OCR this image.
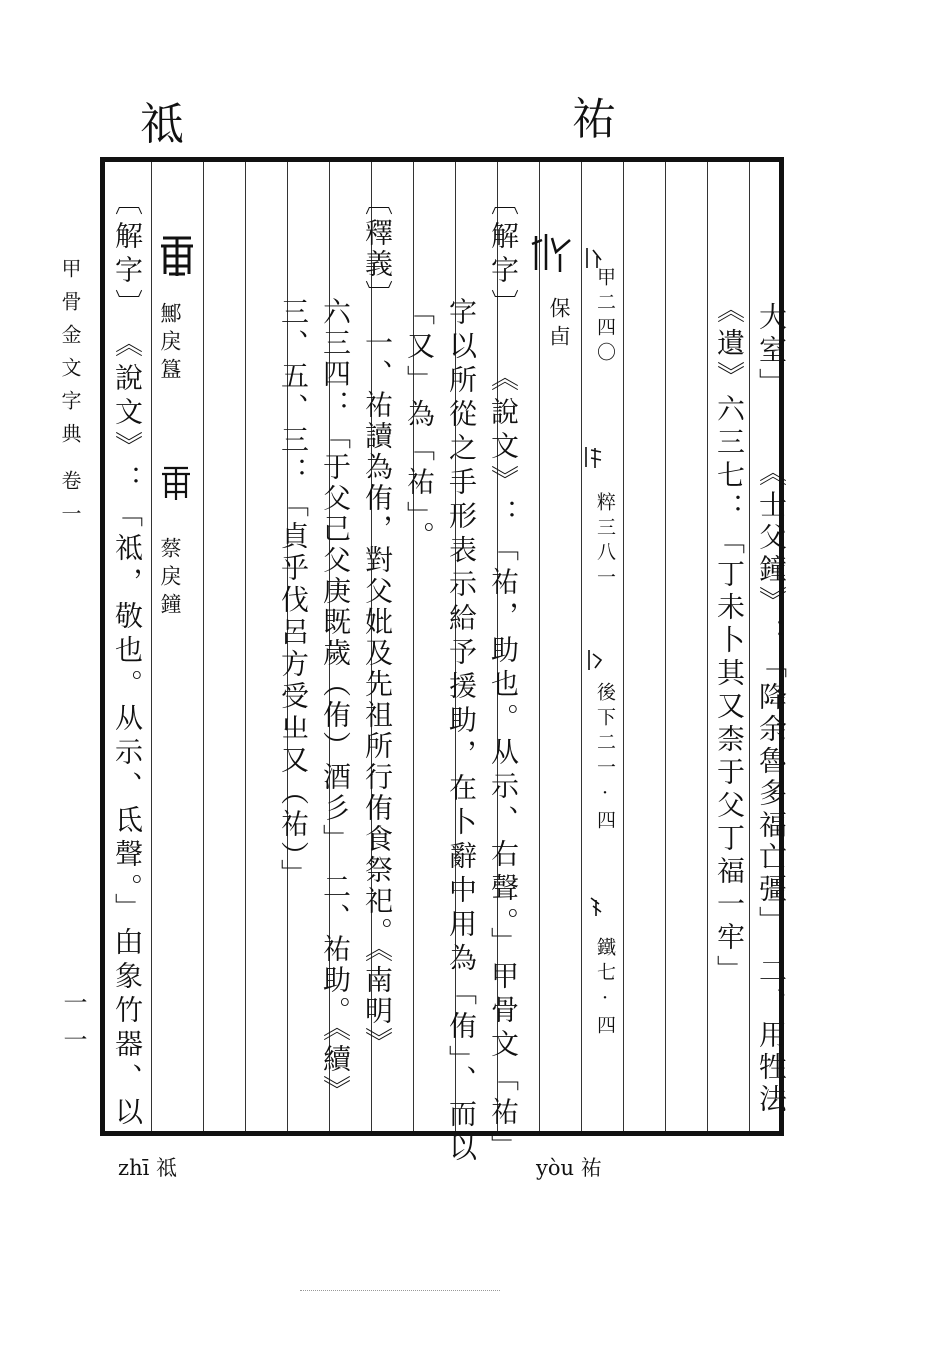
祐
祗
甲骨金文字典
卷一
一一
大室」
《士父鐘》：「降余魯多福亡彊」　二、用牲法
《遺》六三七：「丁未卜其又柰于父丁福一牢」
甲二四〇
粹三八一
後下二一·四
鐵七·四
保卣
〔解字〕　　《說文》：「祐，助也。从示、右聲。」甲骨文「祐」
字以所從之手形表示給予援助，在卜辭中用為「侑」、而以
「又」為「祐」。
〔釋義〕　一、祐讀為侑，對父妣及先祖所行侑食祭祀。《南明》
六三四：「于父己父庚既歲（侑）酒彡」　二、祐助。《續》
三、五、三：「貞乎伐呂方受㞢又（祐）」
鄦戾簋
蔡戾鐘
〔解字〕　《說文》：「祗，敬也。从示、氐聲。」甶象竹器、以
zhī 祗	yòu 祐
